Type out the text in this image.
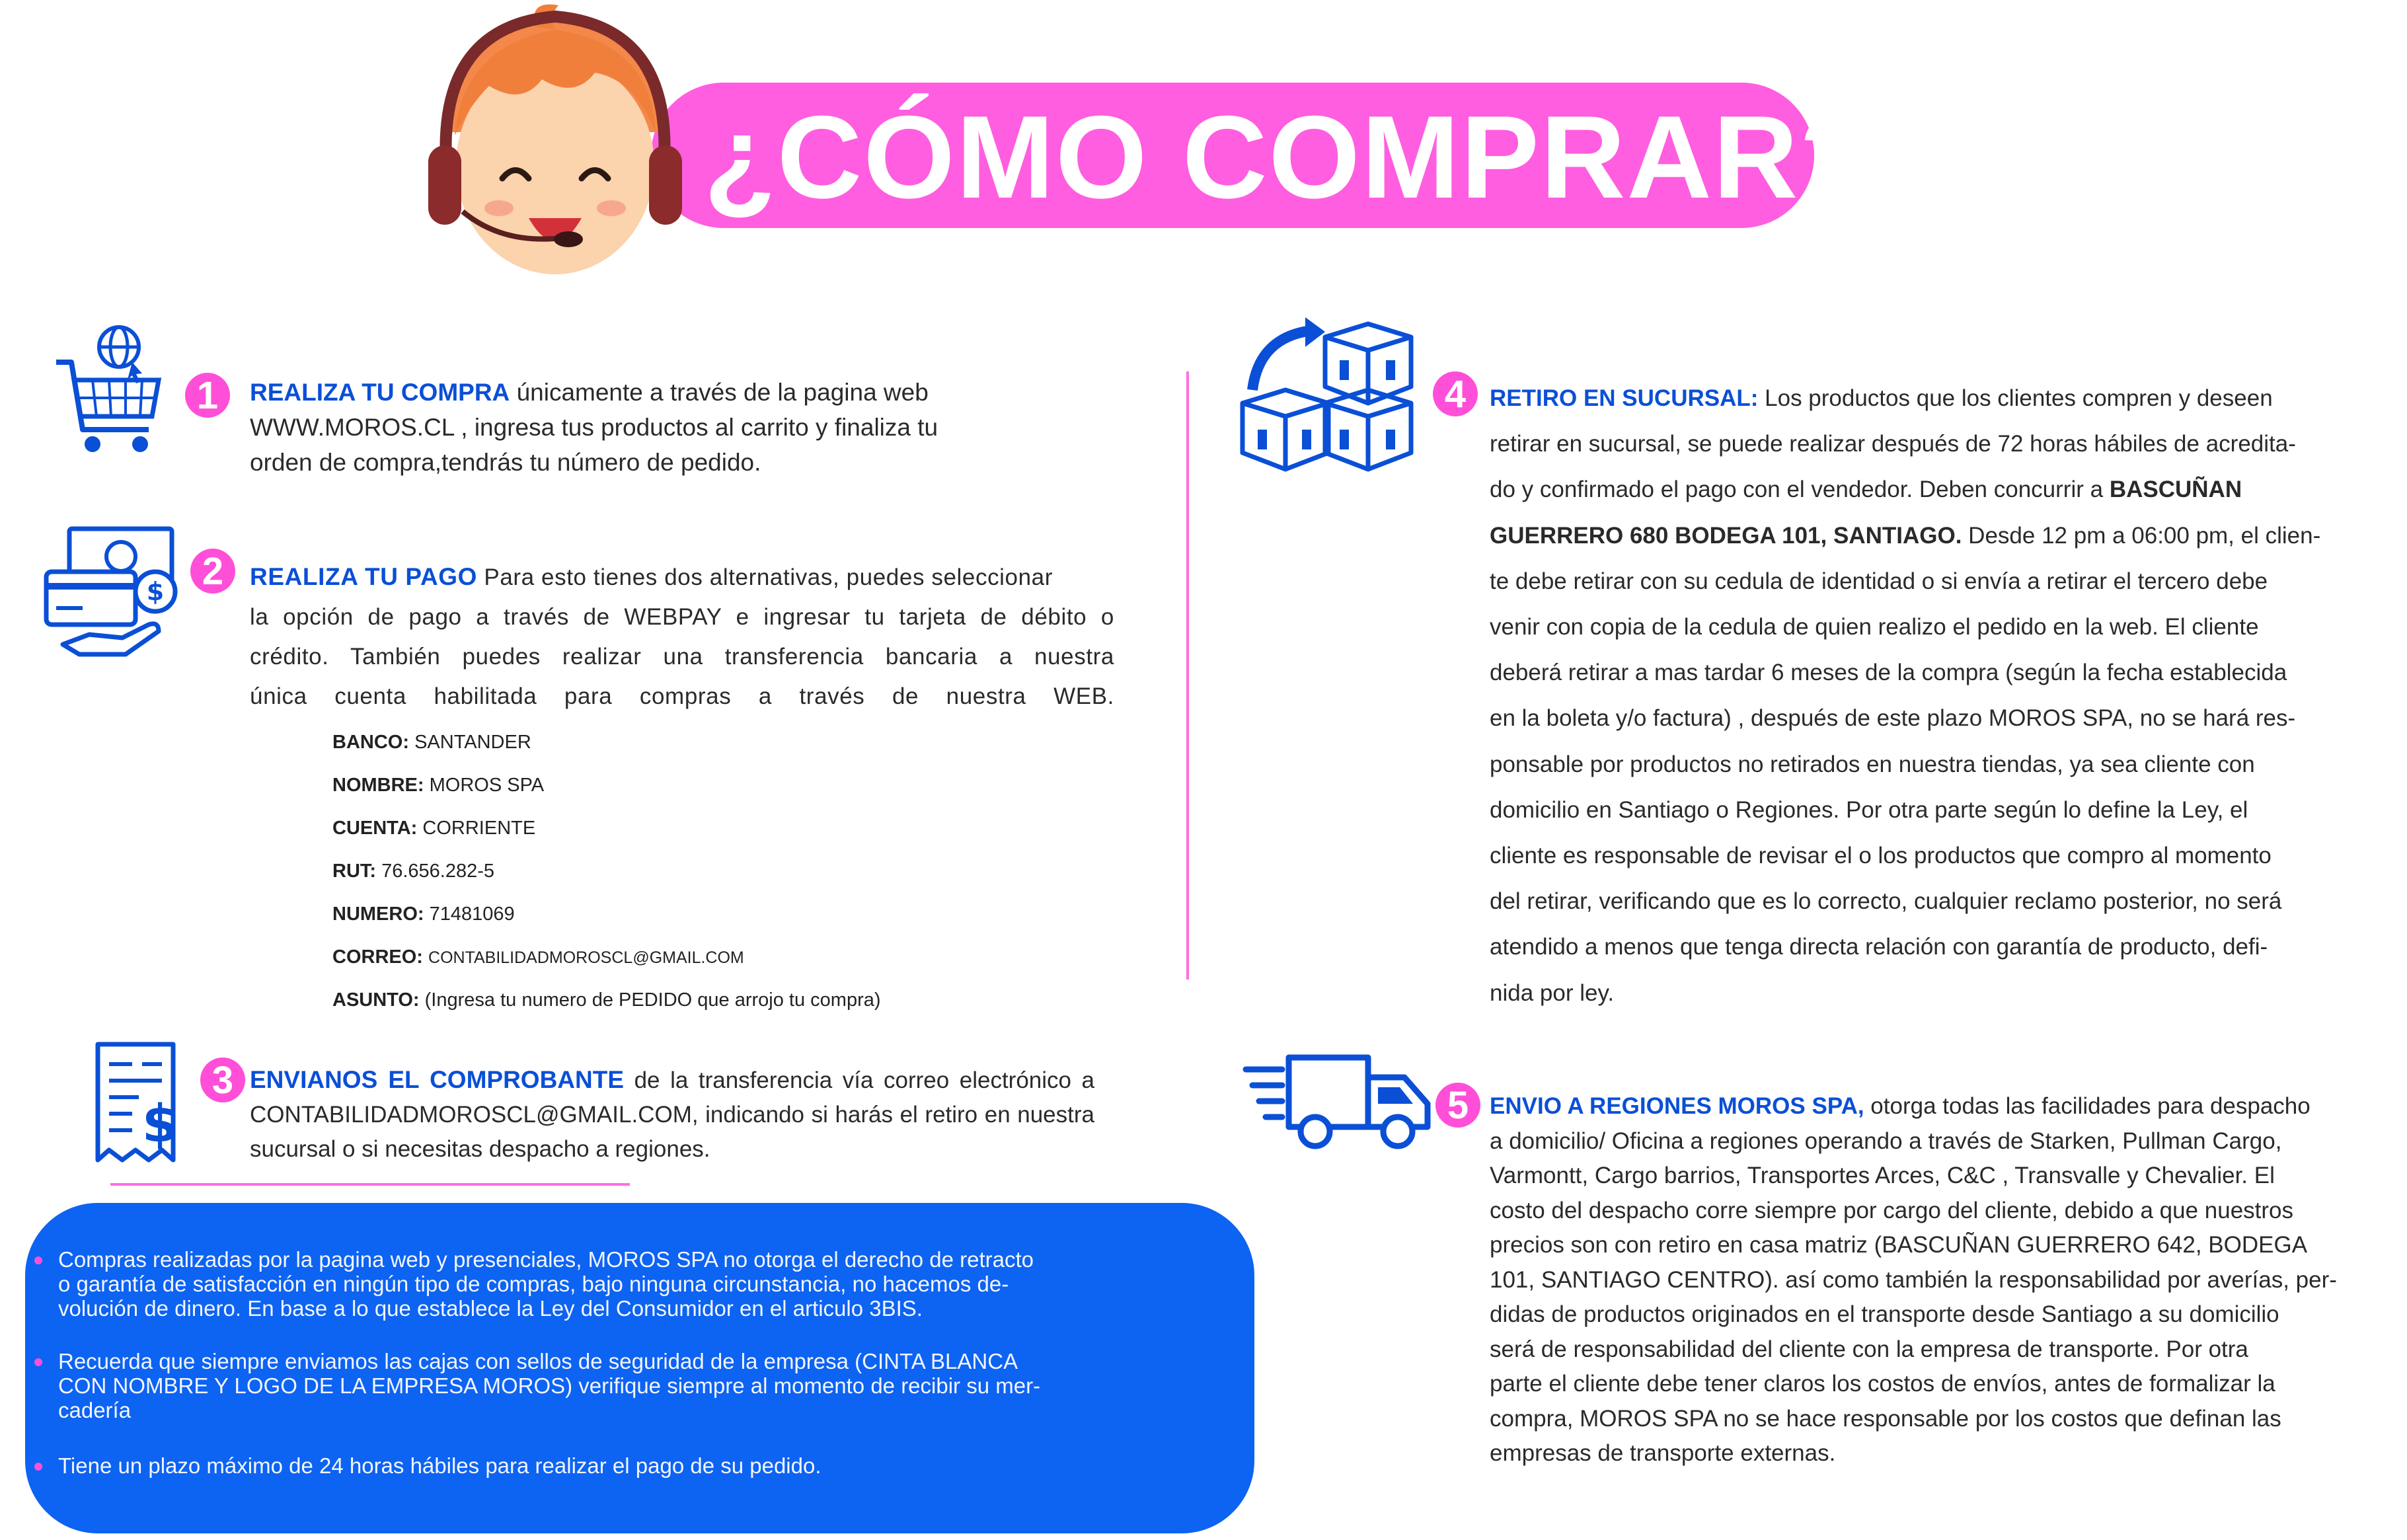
¿CÓMO COMPRAR?
1	REALIZA TU COMPRA únicamente a través de la pagina web
WWW.MOROS.CL , ingresa tus productos al carrito y finaliza tu
orden de compra,tendrás tu número de pedido.
$ 2	REALIZA TU PAGO Para esto tienes dos alternativas, puedes seleccionar
la opción de pago a través de WEBPAY e ingresar tu tarjeta de débito o
crédito. También puedes realizar una transferencia bancaria a nuestra
única cuenta habilitada para compras a través de nuestra WEB.
BANCO: SANTANDER
NOMBRE: MOROS SPA
CUENTA: CORRIENTE
RUT: 76.656.282-5
NUMERO: 71481069
CORREO: CONTABILIDADMOROSCL@GMAIL.COM
ASUNTO: (Ingresa tu numero de PEDIDO que arrojo tu compra)
$
3 ENVIANOS EL COMPROBANTE de la transferencia vía correo electrónico a
CONTABILIDADMOROSCL@GMAIL.COM, indicando si harás el retiro en nuestra
sucursal o si necesitas despacho a regiones.
Compras realizadas por la pagina web y presenciales, MOROS SPA no otorga el derecho de retracto
o garantía de satisfacción en ningún tipo de compras, bajo ninguna circunstancia, no hacemos de-
volución de dinero. En base a lo que establece la Ley del Consumidor en el articulo 3BIS.
Recuerda que siempre enviamos las cajas con sellos de seguridad de la empresa (CINTA BLANCA
CON NOMBRE Y LOGO DE LA EMPRESA MOROS) verifique siempre al momento de recibir su mer-
cadería
Tiene un plazo máximo de 24 horas hábiles para realizar el pago de su pedido.
4	RETIRO EN SUCURSAL: Los productos que los clientes compren y deseen
retirar en sucursal, se puede realizar después de 72 horas hábiles de acredita-
do y confirmado el pago con el vendedor. Deben concurrir a BASCUÑAN
GUERRERO 680 BODEGA 101, SANTIAGO. Desde 12 pm a 06:00 pm, el clien-
te debe retirar con su cedula de identidad o si envía a retirar el tercero debe
venir con copia de la cedula de quien realizo el pedido en la web. El cliente
deberá retirar a mas tardar 6 meses de la compra (según la fecha establecida
en la boleta y/o factura) , después de este plazo MOROS SPA, no se hará res-
ponsable por productos no retirados en nuestra tiendas, ya sea cliente con
domicilio en Santiago o Regiones. Por otra parte según lo define la Ley, el
cliente es responsable de revisar el o los productos que compro al momento
del retirar, verificando que es lo correcto, cualquier reclamo posterior, no será
atendido a menos que tenga directa relación con garantía de producto, defi-
nida por ley.
5 ENVIO A REGIONES MOROS SPA, otorga todas las facilidades para despacho
a domicilio/ Oficina a regiones operando a través de Starken, Pullman Cargo,
Varmontt, Cargo barrios, Transportes Arces, C&C , Transvalle y Chevalier. El
costo del despacho corre siempre por cargo del cliente, debido a que nuestros
precios son con retiro en casa matriz (BASCUÑAN GUERRERO 642, BODEGA
101, SANTIAGO CENTRO). así como también la responsabilidad por averías, per-
didas de productos originados en el transporte desde Santiago a su domicilio
será de responsabilidad del cliente con la empresa de transporte. Por otra
parte el cliente debe tener claros los costos de envíos, antes de formalizar la
compra, MOROS SPA no se hace responsable por los costos que definan las
empresas de transporte externas.
